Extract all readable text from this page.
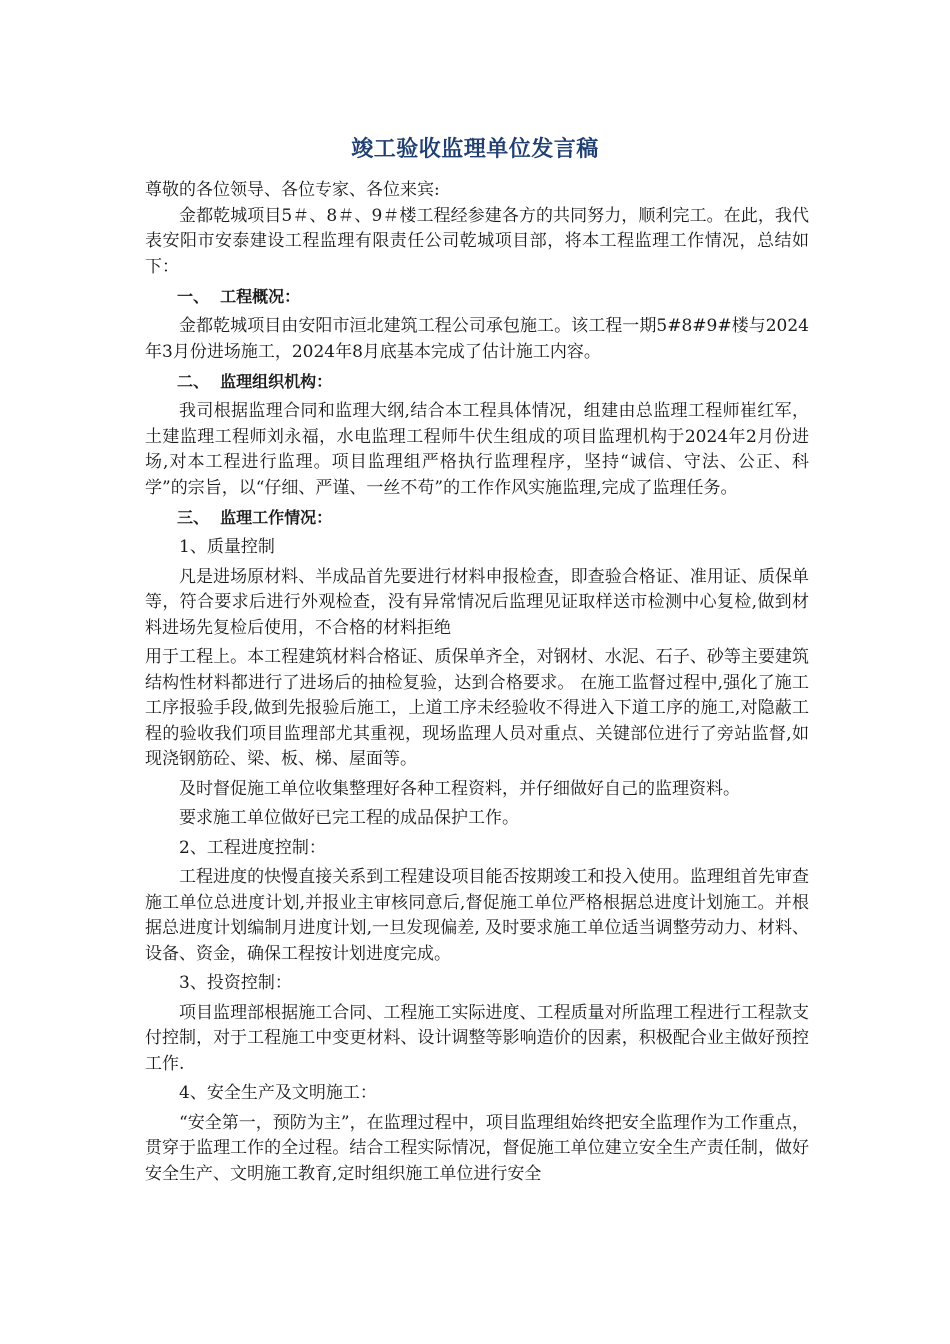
竣工验收监理单位发言稿

尊敬的各位领导、各位专家、各位来宾:

金都乾城项目5＃、8＃、9＃楼工程经参建各方的共同努力，顺利完工。在此，我代表安阳市安泰建设工程监理有限责任公司乾城项目部，将本工程监理工作情况，总结如下：

一、  工程概况：

金都乾城项目由安阳市洹北建筑工程公司承包施工。该工程一期5#8#9#楼与2024年3月份进场施工，2024年8月底基本完成了估计施工内容。

二、  监理组织机构：

我司根据监理合同和监理大纲,结合本工程具体情况，组建由总监理工程师崔红军，土建监理工程师刘永福，水电监理工程师牛伏生组成的项目监理机构于2024年2月份进场,对本工程进行监理。项目监理组严格执行监理程序，坚持“诚信、守法、公正、科学”的宗旨，以“仔细、严谨、一丝不苟”的工作作风实施监理,完成了监理任务。

三、  监理工作情况：
1、质量控制

凡是进场原材料、半成品首先要进行材料申报检查，即查验合格证、准用证、质保单等，符合要求后进行外观检查，没有异常情况后监理见证取样送市检测中心复检,做到材料进场先复检后使用，不合格的材料拒绝

用于工程上。本工程建筑材料合格证、质保单齐全，对钢材、水泥、石子、砂等主要建筑结构性材料都进行了进场后的抽检复验，达到合格要求。 在施工监督过程中,强化了施工工序报验手段,做到先报验后施工，上道工序未经验收不得进入下道工序的施工,对隐蔽工程的验收我们项目监理部尤其重视，现场监理人员对重点、关键部位进行了旁站监督,如现浇钢筋砼、梁、板、梯、屋面等。

及时督促施工单位收集整理好各种工程资料，并仔细做好自己的监理资料。

要求施工单位做好已完工程的成品保护工作。

2、工程进度控制：

工程进度的快慢直接关系到工程建设项目能否按期竣工和投入使用。监理组首先审查施工单位总进度计划,并报业主审核同意后,督促施工单位严格根据总进度计划施工。并根据总进度计划编制月进度计划,一旦发现偏差, 及时要求施工单位适当调整劳动力、材料、设备、资金，确保工程按计划进度完成。

3、投资控制：

项目监理部根据施工合同、工程施工实际进度、工程质量对所监理工程进行工程款支付控制，对于工程施工中变更材料、设计调整等影响造价的因素，积极配合业主做好预控工作.

4、安全生产及文明施工：

“安全第一，预防为主”，在监理过程中，项目监理组始终把安全监理作为工作重点，贯穿于监理工作的全过程。结合工程实际情况，督促施工单位建立安全生产责任制，做好安全生产、文明施工教育,定时组织施工单位进行安全
